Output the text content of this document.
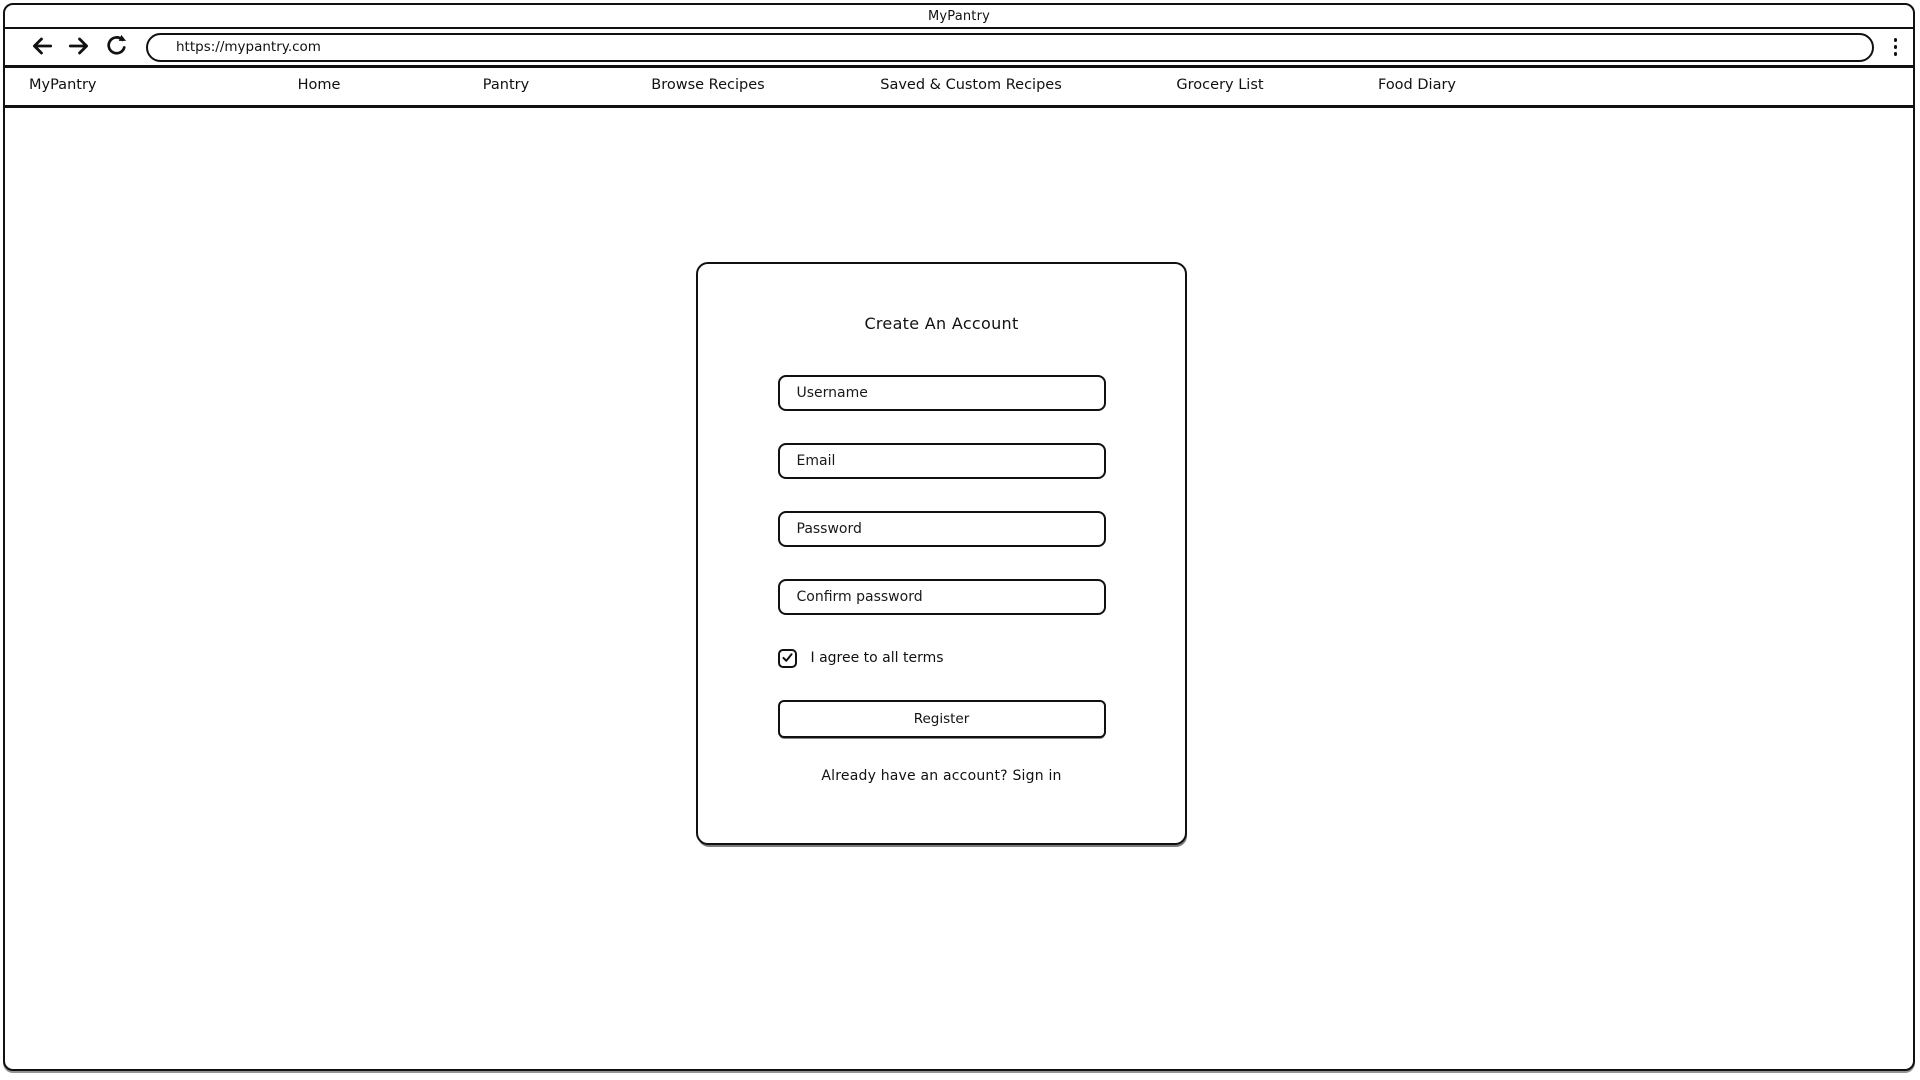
MyPantry
https://mypantry.com
MyPantry	Home	Pantry	Browse Recipes	Saved & Custom Recipes	Grocery List	Food Diary
Create An Account
Username
Email
Password
Confirm password
I agree to all terms
Register
Already have an account? Sign in
